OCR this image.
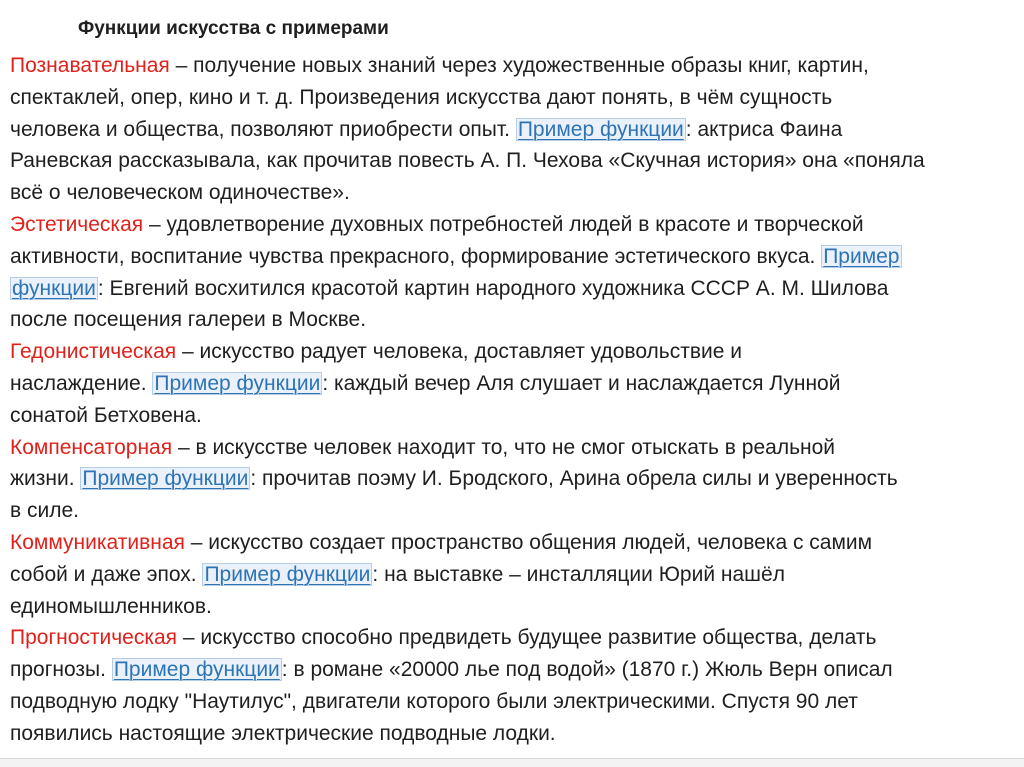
Функции искусства с примерами

Познавательная – получение новых знаний через художественные образы книг, картин,
спектаклей, опер, кино и т. д. Произведения искусства дают понять, в чём сущность
человека и общества, позволяют приобрести опыт. Пример функции: актриса Фаина
Раневская рассказывала, как прочитав повесть А. П. Чехова «Скучная история» она «поняла
всё о человеческом одиночестве».

Эстетическая – удовлетворение духовных потребностей людей в красоте и творческой
активности, воспитание чувства прекрасного, формирование эстетического вкуса. Пример
функции: Евгений восхитился красотой картин народного художника СССР А. М. Шилова
после посещения галереи в Москве.

Гедонистическая – искусство радует человека, доставляет удовольствие и
наслаждение. Пример функции: каждый вечер Аля слушает и наслаждается Лунной
сонатой Бетховена.

Компенсаторная – в искусстве человек находит то, что не смог отыскать в реальной
жизни. Пример функции: прочитав поэму И. Бродского, Арина обрела силы и уверенность
в силе.

Коммуникативная – искусство создает пространство общения людей, человека с самим
собой и даже эпох. Пример функции: на выставке – инсталляции Юрий нашёл
единомышленников.

Прогностическая – искусство способно предвидеть будущее развитие общества, делать
прогнозы. Пример функции: в романе «20000 лье под водой» (1870 г.) Жюль Верн описал
подводную лодку "Наутилус", двигатели которого были электрическими. Спустя 90 лет
появились настоящие электрические подводные лодки.
